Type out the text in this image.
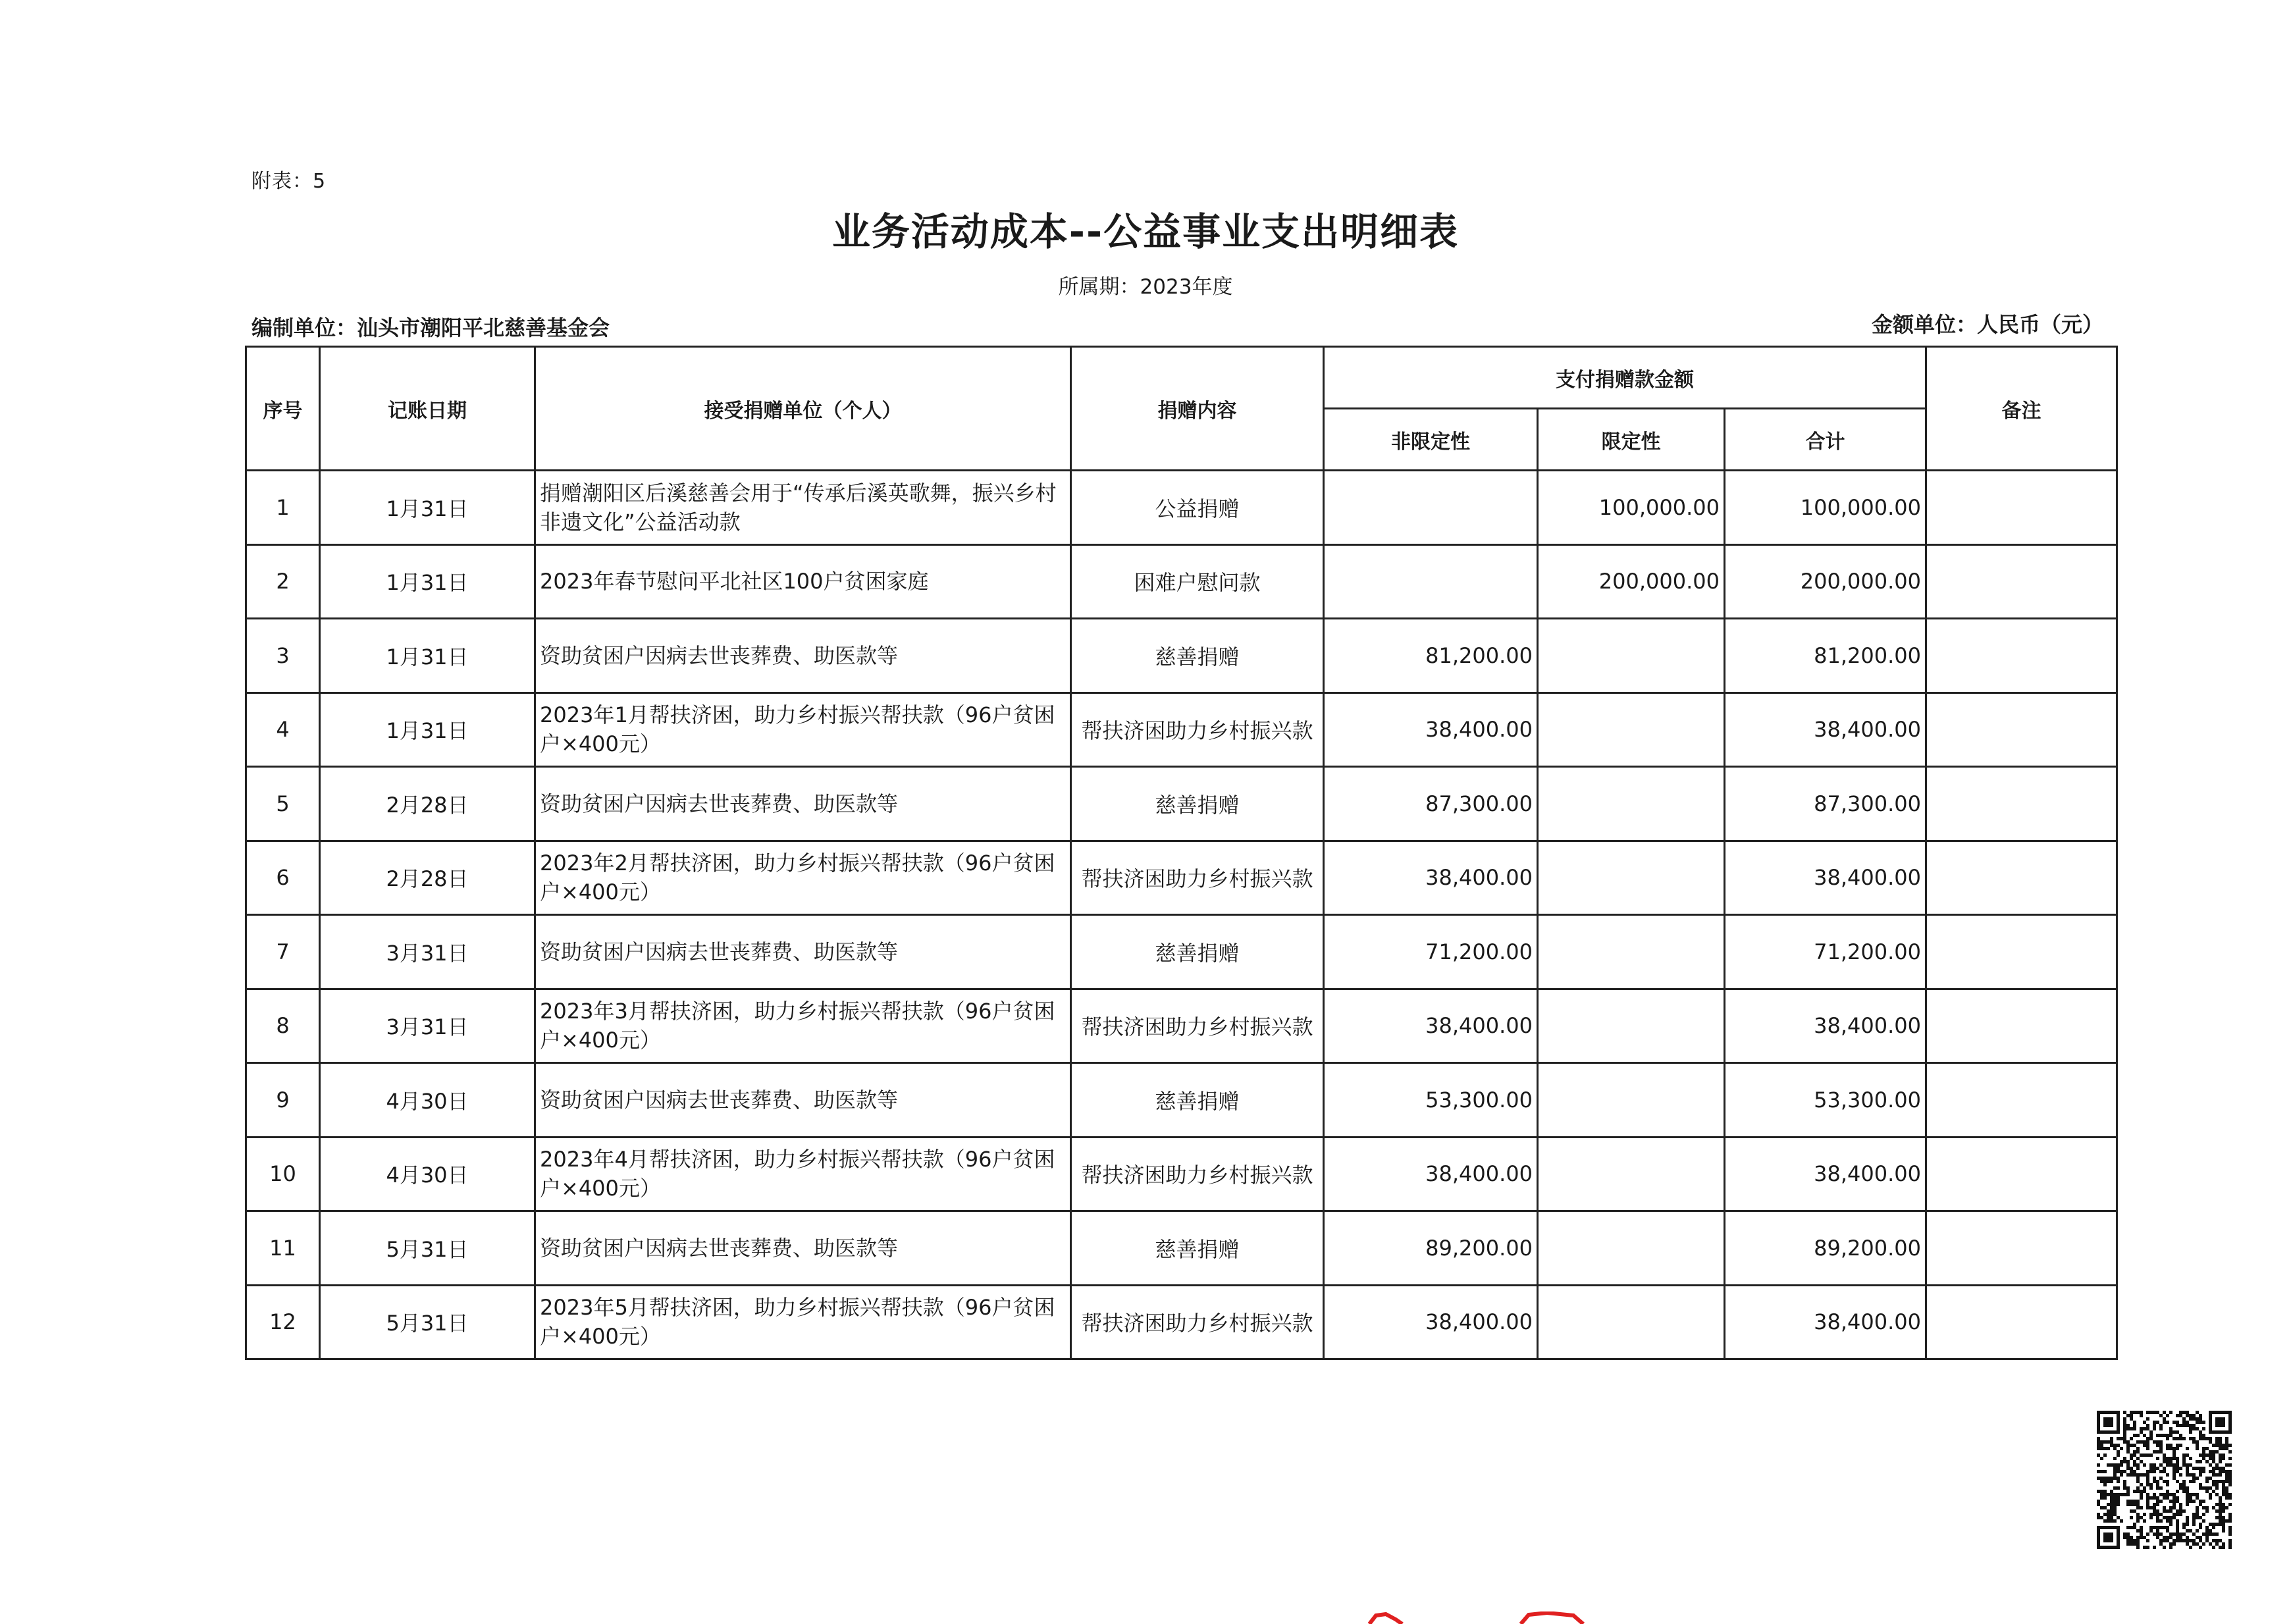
附表：5
业务活动成本--公益事业支出明细表
所属期：2023年度
编制单位：汕头市潮阳平北慈善基金会	金额单位：人民币（元）
序号	记账日期	接受捐赠单位（个人）	捐赠内容	支付捐赠款金额			备注
				非限定性	限定性	合计	
1	1月31日	捐赠潮阳区后溪慈善会用于“传承后溪英歌舞，振兴乡村非遗文化”公益活动款	公益捐赠		100,000.00	100,000.00	
2	1月31日	2023年春节慰问平北社区100户贫困家庭	困难户慰问款		200,000.00	200,000.00	
3	1月31日	资助贫困户因病去世丧葬费、助医款等	慈善捐赠	81,200.00		81,200.00	
4	1月31日	2023年1月帮扶济困，助力乡村振兴帮扶款（96户贫困户×400元）	帮扶济困助力乡村振兴款	38,400.00		38,400.00	
5	2月28日	资助贫困户因病去世丧葬费、助医款等	慈善捐赠	87,300.00		87,300.00	
6	2月28日	2023年2月帮扶济困，助力乡村振兴帮扶款（96户贫困户×400元）	帮扶济困助力乡村振兴款	38,400.00		38,400.00	
7	3月31日	资助贫困户因病去世丧葬费、助医款等	慈善捐赠	71,200.00		71,200.00	
8	3月31日	2023年3月帮扶济困，助力乡村振兴帮扶款（96户贫困户×400元）	帮扶济困助力乡村振兴款	38,400.00		38,400.00	
9	4月30日	资助贫困户因病去世丧葬费、助医款等	慈善捐赠	53,300.00		53,300.00	
10	4月30日	2023年4月帮扶济困，助力乡村振兴帮扶款（96户贫困户×400元）	帮扶济困助力乡村振兴款	38,400.00		38,400.00	
11	5月31日	资助贫困户因病去世丧葬费、助医款等	慈善捐赠	89,200.00		89,200.00	
12	5月31日	2023年5月帮扶济困，助力乡村振兴帮扶款（96户贫困户×400元）	帮扶济困助力乡村振兴款	38,400.00		38,400.00	
